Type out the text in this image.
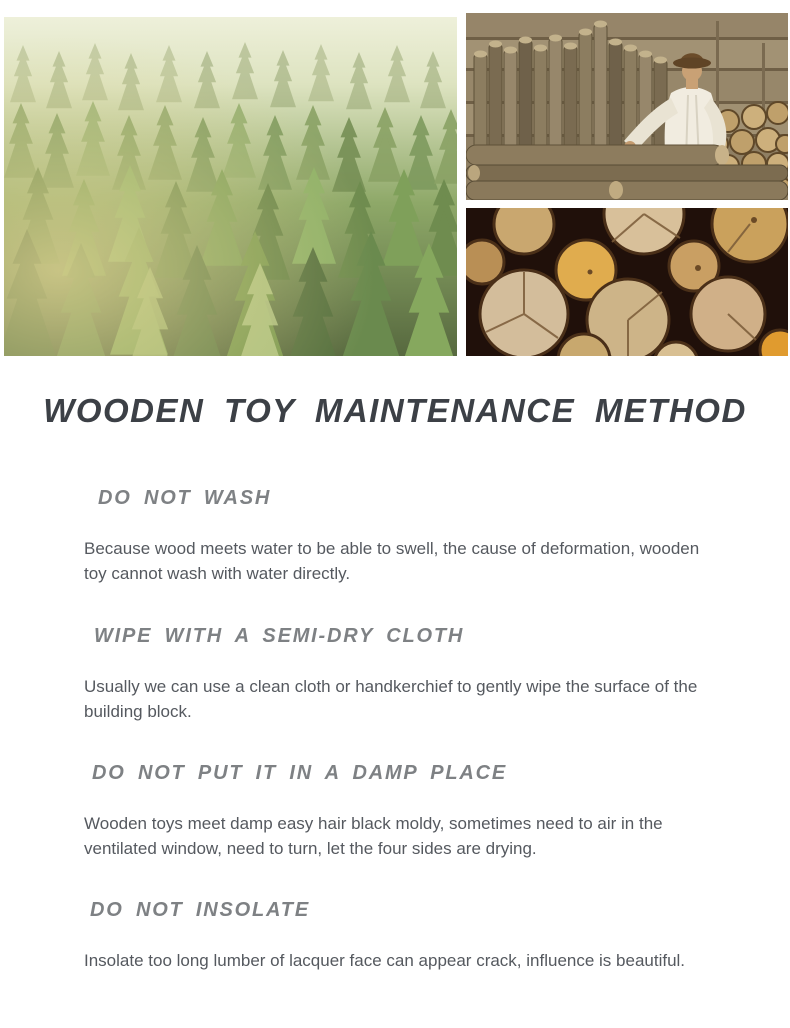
WOODEN TOY MAINTENANCE METHOD
DO NOT WASH

Because wood meets water to be able to swell, the cause of deformation, wooden
toy cannot wash with water directly.

WIPE WITH A SEMI-DRY CLOTH

Usually we can use a clean cloth or handkerchief to gently wipe the surface of the
building block.

DO NOT PUT IT IN A DAMP PLACE

Wooden toys meet damp easy hair black moldy, sometimes need to air in the
ventilated window, need to turn, let the four sides are drying.

DO NOT INSOLATE

Insolate too long lumber of lacquer face can appear crack, influence is beautiful.
